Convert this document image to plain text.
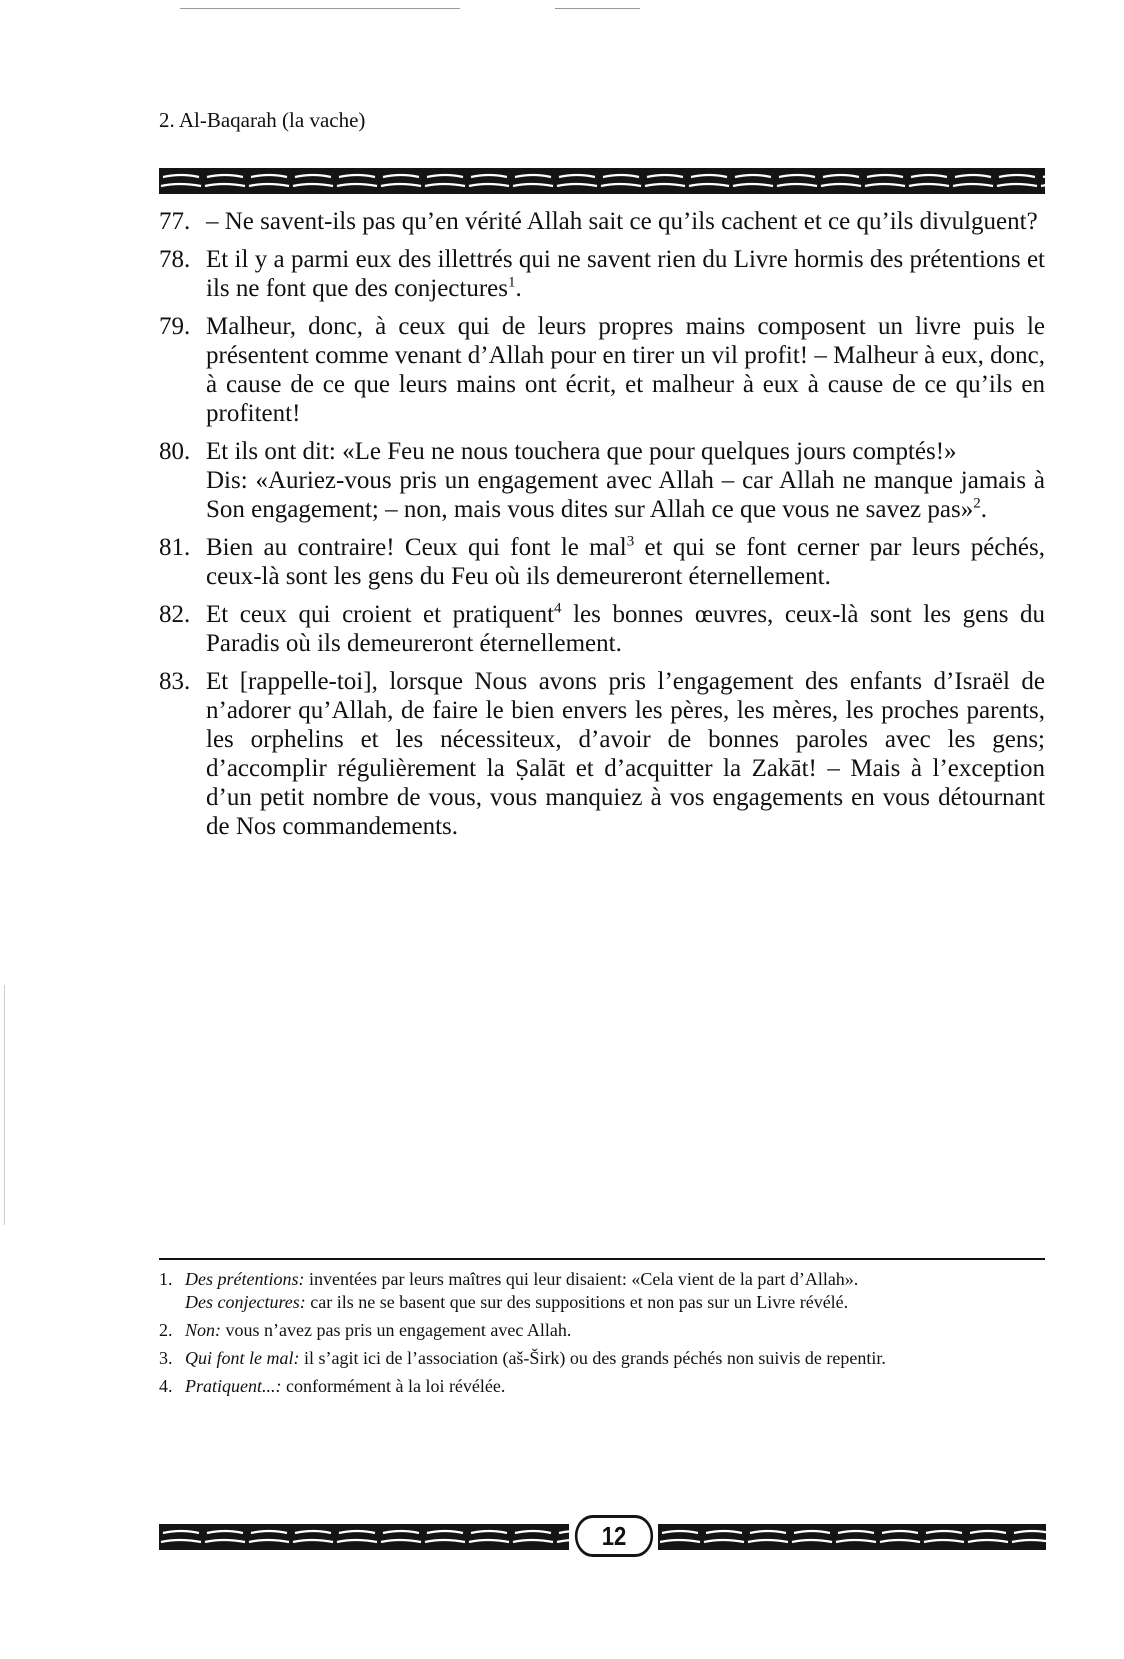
2. Al-Baqarah (la vache)
77. – Ne savent-ils pas qu’en vérité Allah sait ce qu’ils cachent et ce qu’ils divulguent?

78. Et il y a parmi eux des illettrés qui ne savent rien du Livre hormis des prétentions et ils ne font que des conjectures$^1$.

79. Malheur, donc, à ceux qui de leurs propres mains composent un livre puis le présentent comme venant d’Allah pour en tirer un vil profit! – Malheur à eux, donc, à cause de ce que leurs mains ont écrit, et malheur à eux à cause de ce qu’ils en profitent!

80. Et ils ont dit: «Le Feu ne nous touchera que pour quelques jours comptés!»

Dis: «Auriez-vous pris un engagement avec Allah – car Allah ne manque jamais à Son engagement; – non, mais vous dites sur Allah ce que vous ne savez pas»$^2$.

81. Bien au contraire! Ceux qui font le mal$^3$ et qui se font cerner par leurs péchés, ceux-là sont les gens du Feu où ils demeureront éternellement.

82. Et ceux qui croient et pratiquent$^4$ les bonnes œuvres, ceux-là sont les gens du Paradis où ils demeureront éternellement.

83. Et [rappelle-toi], lorsque Nous avons pris l’engagement des enfants d’Israël de n’adorer qu’Allah, de faire le bien envers les pères, les mères, les proches parents, les orphelins et les nécessiteux, d’avoir de bonnes paroles avec les gens; d’accomplir régulièrement la Ṣalāt et d’acquitter la Zakāt! – Mais à l’exception d’un petit nombre de vous, vous manquiez à vos engagements en vous détournant de Nos commandements.

1. Des prétentions: inventées par leurs maîtres qui leur disaient: «Cela vient de la part d’Allah».

Des conjectures: car ils ne se basent que sur des suppositions et non pas sur un Livre révélé.

2. Non: vous n’avez pas pris un engagement avec Allah.

3. Qui font le mal: il s’agit ici de l’association (aš-Širk) ou des grands péchés non suivis de repentir.

4. Pratiquent...: conformément à la loi révélée.

12
